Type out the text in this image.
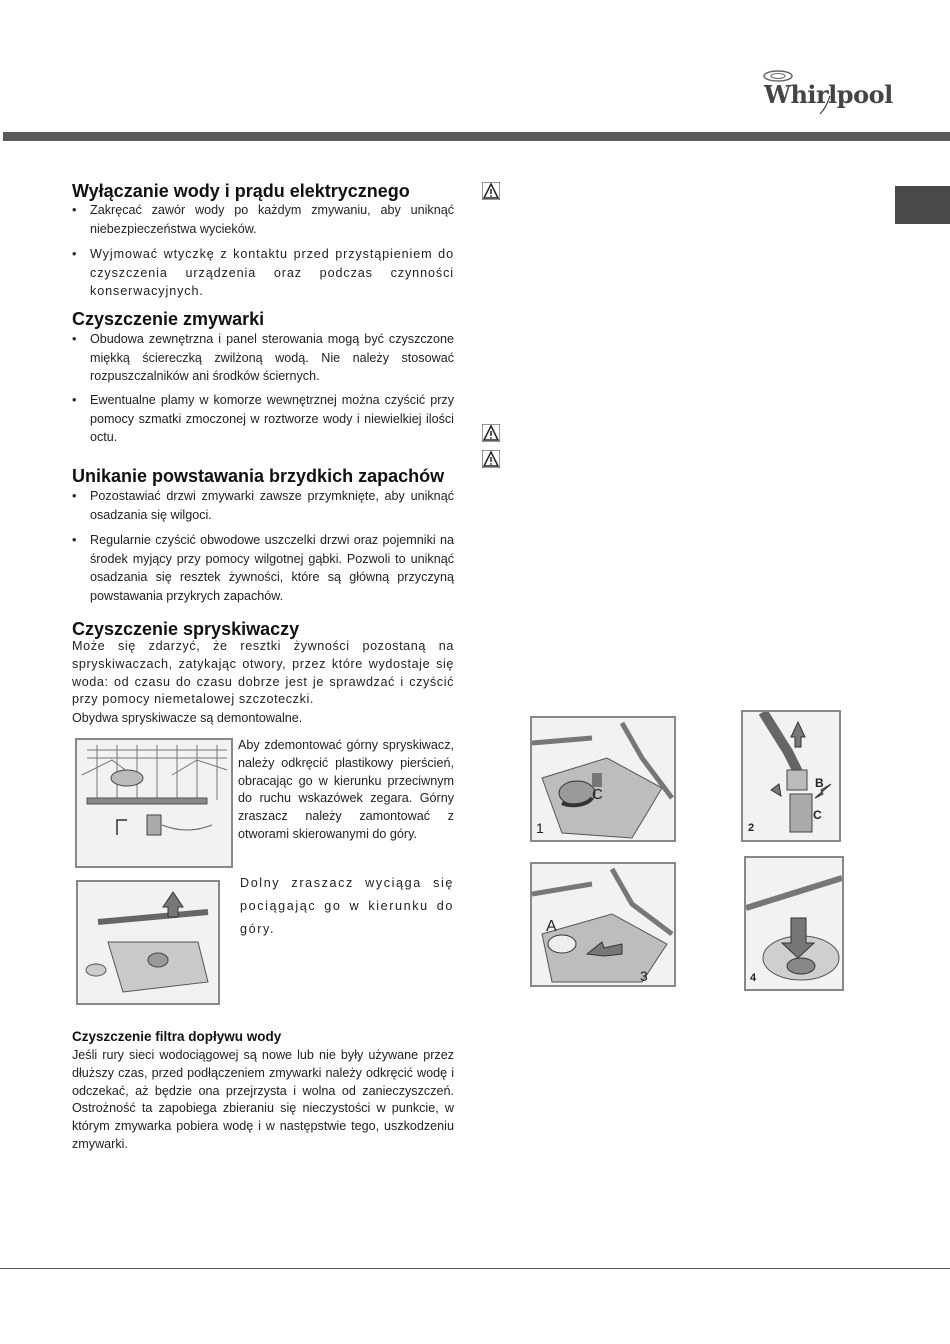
Whirlpool
Wyłączanie wody i prądu elektrycznego
• Zakręcać zawór wody po każdym zmywaniu, aby uniknąć niebezpieczeństwa wycieków.
• Wyjmować wtyczkę z kontaktu przed przystąpieniem do czyszczenia urządzenia oraz podczas czynności konserwacyjnych.
Czyszczenie zmywarki
• Obudowa zewnętrzna i panel sterowania mogą być czyszczone miękką ściereczką zwilżoną wodą. Nie należy stosować rozpuszczalników ani środków ściernych.
• Ewentualne plamy w komorze wewnętrznej można czyścić przy pomocy szmatki zmoczonej w roztworze wody i niewielkiej ilości octu.
Unikanie powstawania brzydkich zapachów
• Pozostawiać drzwi zmywarki zawsze przymknięte, aby uniknąć osadzania się wilgoci.
• Regularnie czyścić obwodowe uszczelki drzwi oraz pojemniki na środek myjący przy pomocy wilgotnej gąbki. Pozwoli to uniknąć osadzania się resztek żywności, które są główną przyczyną powstawania przykrych zapachów.
Czyszczenie spryskiwaczy
Może się zdarzyć, że resztki żywności pozostaną na spryskiwaczach, zatykając otwory, przez które wydostaje się woda: od czasu do czasu dobrze jest je sprawdzać i czyścić przy pomocy niemetalowej szczoteczki.
Obydwa spryskiwacze są demontowalne.
Aby zdemontować górny spryskiwacz, należy odkręcić plastikowy pierścień, obracając go w kierunku przeciwnym do ruchu wskazówek zegara. Górny zraszacz należy zamontować z otworami skierowanymi do góry.
Dolny zraszacz wyciąga się pociągając go w kierunku do góry.
Czyszczenie filtra dopływu wody
Jeśli rury sieci wodociągowej są nowe lub nie były używane przez dłuższy czas, przed podłączeniem zmywarki należy odkręcić wodę i odczekać, aż będzie ona przejrzysta i wolna od zanieczyszczeń. Ostrożność ta zapobiega zbieraniu się nieczystości w punkcie, w którym zmywarka pobiera wodę i w następstwie tego, uszkodzeniu zmywarki.
1
C
2
B
C
A
3	4
